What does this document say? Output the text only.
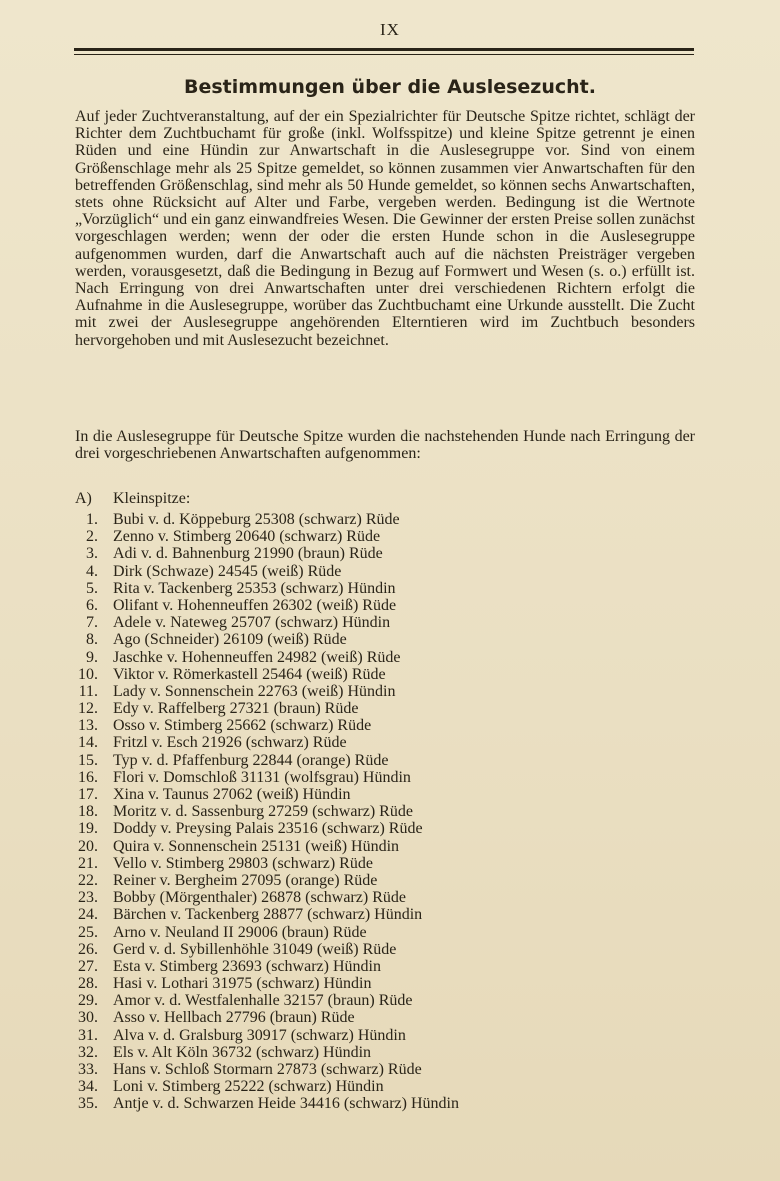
IX
Bestimmungen über die Auslesezucht.

Auf jeder Zuchtveranstaltung, auf der ein Spezialrichter für Deutsche Spitze richtet, schlägt der Richter dem Zuchtbuchamt für große (inkl. Wolfsspitze) und kleine Spitze getrennt je einen Rüden und eine Hündin zur Anwartschaft in die Auslesegruppe vor. Sind von einem Größenschlage mehr als 25 Spitze gemeldet, so können zusammen vier Anwartschaften für den betreffenden Größenschlag, sind mehr als 50 Hunde gemeldet, so können sechs Anwartschaften, stets ohne Rücksicht auf Alter und Farbe, vergeben werden. Bedingung ist die Wertnote „Vorzüglich“ und ein ganz einwandfreies Wesen. Die Gewinner der ersten Preise sollen zunächst vorgeschlagen werden; wenn der oder die ersten Hunde schon in die Auslesegruppe aufgenommen wurden, darf die Anwartschaft auch auf die nächsten Preisträger vergeben werden, vorausgesetzt, daß die Bedingung in Bezug auf Formwert und Wesen (s. o.) erfüllt ist. Nach Erringung von drei Anwartschaften unter drei verschiedenen Richtern erfolgt die Aufnahme in die Auslesegruppe, worüber das Zuchtbuchamt eine Urkunde ausstellt. Die Zucht mit zwei der Auslesegruppe angehörenden Elterntieren wird im Zuchtbuch besonders hervorgehoben und mit Auslesezucht bezeichnet.

In die Auslesegruppe für Deutsche Spitze wurden die nachstehenden Hunde nach Erringung der drei vorgeschriebenen Anwartschaften aufgenommen:

A) Kleinspitze:
1. Bubi v. d. Köppeburg 25308 (schwarz) Rüde
2. Zenno v. Stimberg 20640 (schwarz) Rüde
3. Adi v. d. Bahnenburg 21990 (braun) Rüde
4. Dirk (Schwaze) 24545 (weiß) Rüde
5. Rita v. Tackenberg 25353 (schwarz) Hündin
6. Olifant v. Hohenneuffen 26302 (weiß) Rüde
7. Adele v. Nateweg 25707 (schwarz) Hündin
8. Ago (Schneider) 26109 (weiß) Rüde
9. Jaschke v. Hohenneuffen 24982 (weiß) Rüde
10. Viktor v. Römerkastell 25464 (weiß) Rüde
11. Lady v. Sonnenschein 22763 (weiß) Hündin
12. Edy v. Raffelberg 27321 (braun) Rüde
13. Osso v. Stimberg 25662 (schwarz) Rüde
14. Fritzl v. Esch 21926 (schwarz) Rüde
15. Typ v. d. Pfaffenburg 22844 (orange) Rüde
16. Flori v. Domschloß 31131 (wolfsgrau) Hündin
17. Xina v. Taunus 27062 (weiß) Hündin
18. Moritz v. d. Sassenburg 27259 (schwarz) Rüde
19. Doddy v. Preysing Palais 23516 (schwarz) Rüde
20. Quira v. Sonnenschein 25131 (weiß) Hündin
21. Vello v. Stimberg 29803 (schwarz) Rüde
22. Reiner v. Bergheim 27095 (orange) Rüde
23. Bobby (Mörgenthaler) 26878 (schwarz) Rüde
24. Bärchen v. Tackenberg 28877 (schwarz) Hündin
25. Arno v. Neuland II 29006 (braun) Rüde
26. Gerd v. d. Sybillenhöhle 31049 (weiß) Rüde
27. Esta v. Stimberg 23693 (schwarz) Hündin
28. Hasi v. Lothari 31975 (schwarz) Hündin
29. Amor v. d. Westfalenhalle 32157 (braun) Rüde
30. Asso v. Hellbach 27796 (braun) Rüde
31. Alva v. d. Gralsburg 30917 (schwarz) Hündin
32. Els v. Alt Köln 36732 (schwarz) Hündin
33. Hans v. Schloß Stormarn 27873 (schwarz) Rüde
34. Loni v. Stimberg 25222 (schwarz) Hündin
35. Antje v. d. Schwarzen Heide 34416 (schwarz) Hündin
